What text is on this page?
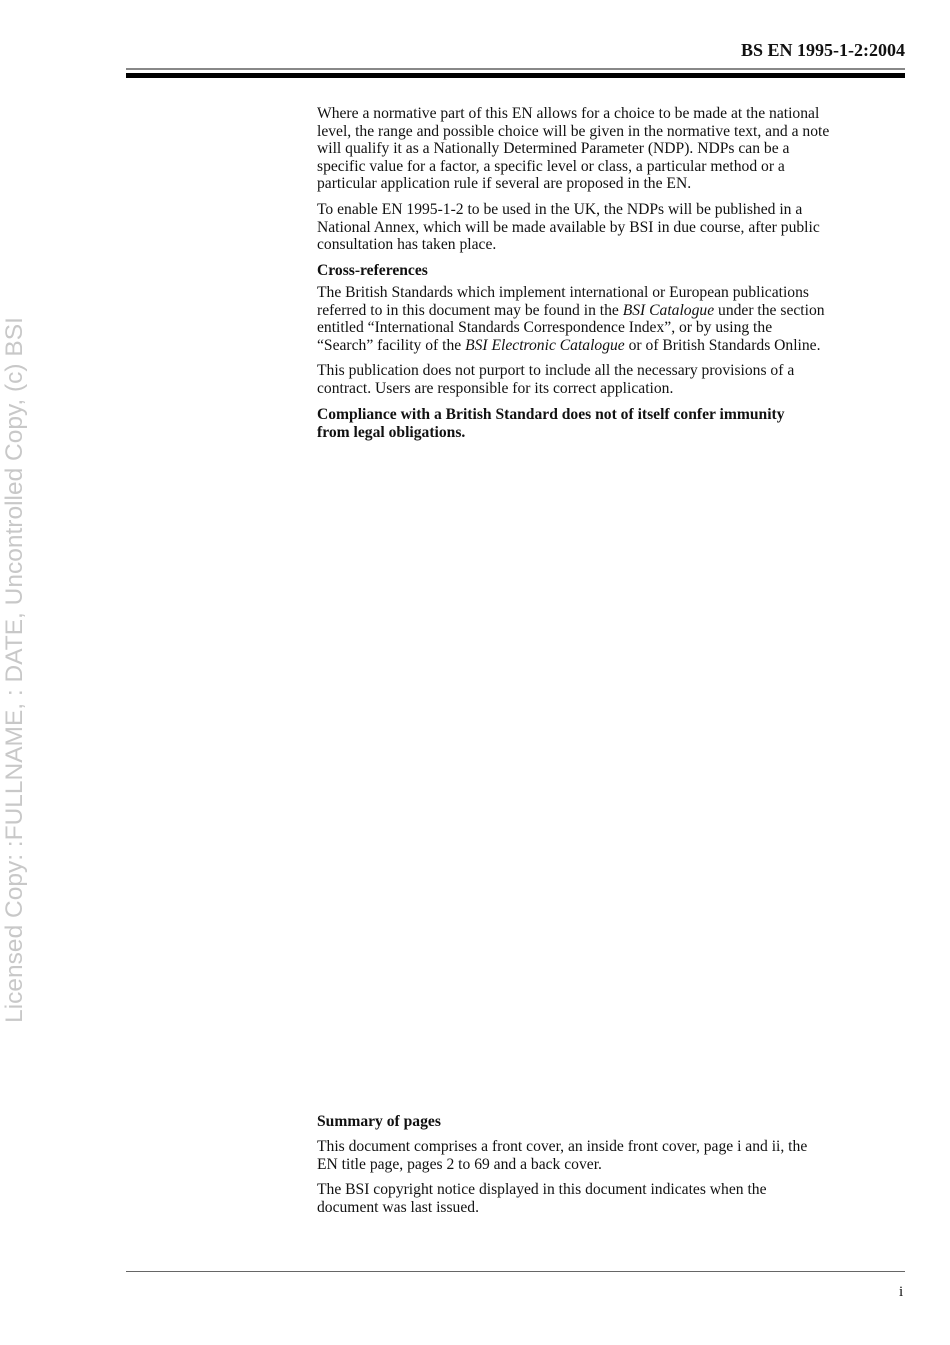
Licensed Copy: :FULLNAME, : DATE, Uncontrolled Copy, (c) BSI
BS EN 1995-1-2:2004
Where a normative part of this EN allows for a choice to be made at the national
level, the range and possible choice will be given in the normative text, and a note
will qualify it as a Nationally Determined Parameter (NDP). NDPs can be a
specific value for a factor, a specific level or class, a particular method or a
particular application rule if several are proposed in the EN.
To enable EN 1995-1-2 to be used in the UK, the NDPs will be published in a
National Annex, which will be made available by BSI in due course, after public
consultation has taken place.
Cross-references
The British Standards which implement international or European publications
referred to in this document may be found in the BSI Catalogue under the section
entitled “International Standards Correspondence Index”, or by using the
“Search” facility of the BSI Electronic Catalogue or of British Standards Online.
This publication does not purport to include all the necessary provisions of a
contract. Users are responsible for its correct application.
Compliance with a British Standard does not of itself confer immunity
from legal obligations.
Summary of pages
This document comprises a front cover, an inside front cover, page i and ii, the
EN title page, pages 2 to 69 and a back cover.
The BSI copyright notice displayed in this document indicates when the
document was last issued.
i
